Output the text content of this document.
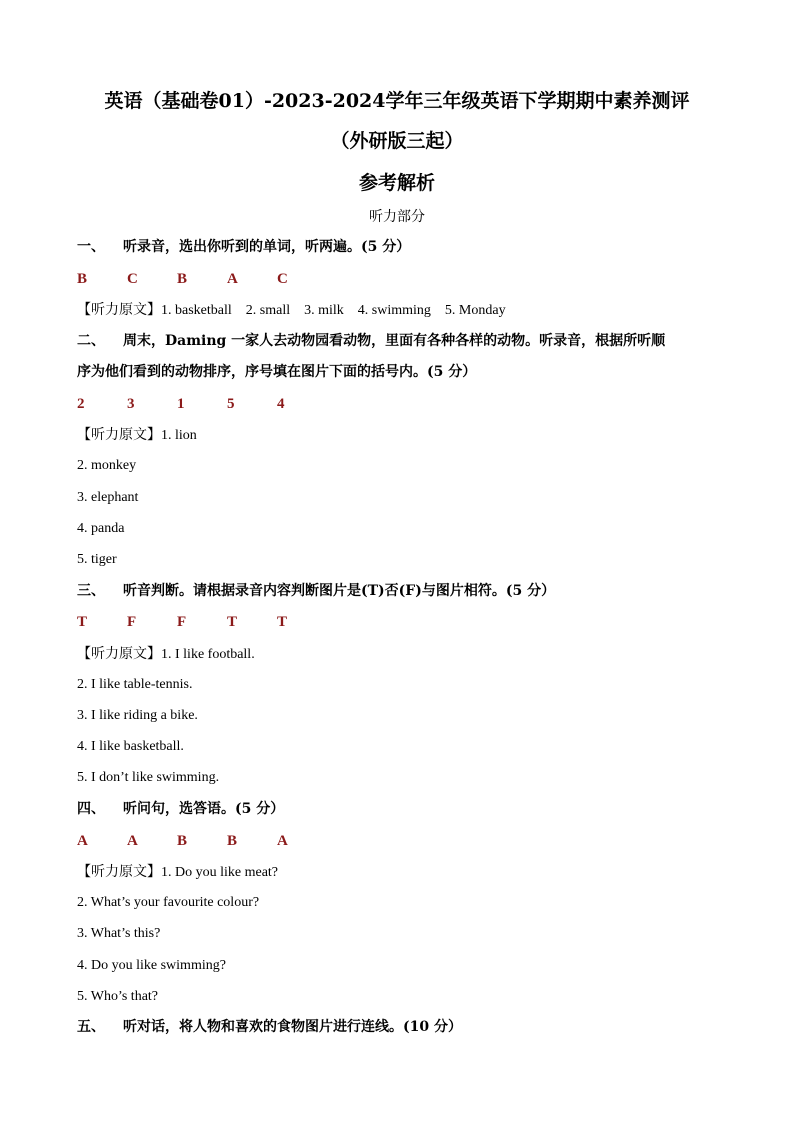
英语（基础卷01）-2023-2024学年三年级英语下学期期中素养测评
（外研版三起）
参考解析
听力部分
一、 听录音，选出你听到的单词，听两遍。(5 分）
B	C	B	A	C
【听力原文】1. basketball 2. small 3. milk 4. swimming 5. Monday
二、 周末，Daming 一家人去动物园看动物，里面有各种各样的动物。听录音，根据所听顺
序为他们看到的动物排序，序号填在图片下面的括号内。(5 分）
2	3	1	5	4
【听力原文】1. lion
2. monkey
3. elephant
4. panda
5. tiger
三、 听音判断。请根据录音内容判断图片是(T)否(F)与图片相符。(5 分）
T	F	F	T	T
【听力原文】1. I like football.
2. I like table-tennis.
3. I like riding a bike.
4. I like basketball.
5. I don’t like swimming.
四、 听问句，选答语。(5 分）
A	A	B	B	A
【听力原文】1. Do you like meat?
2. What’s your favourite colour?
3. What’s this?
4. Do you like swimming?
5. Who’s that?
五、 听对话，将人物和喜欢的食物图片进行连线。(10 分）
